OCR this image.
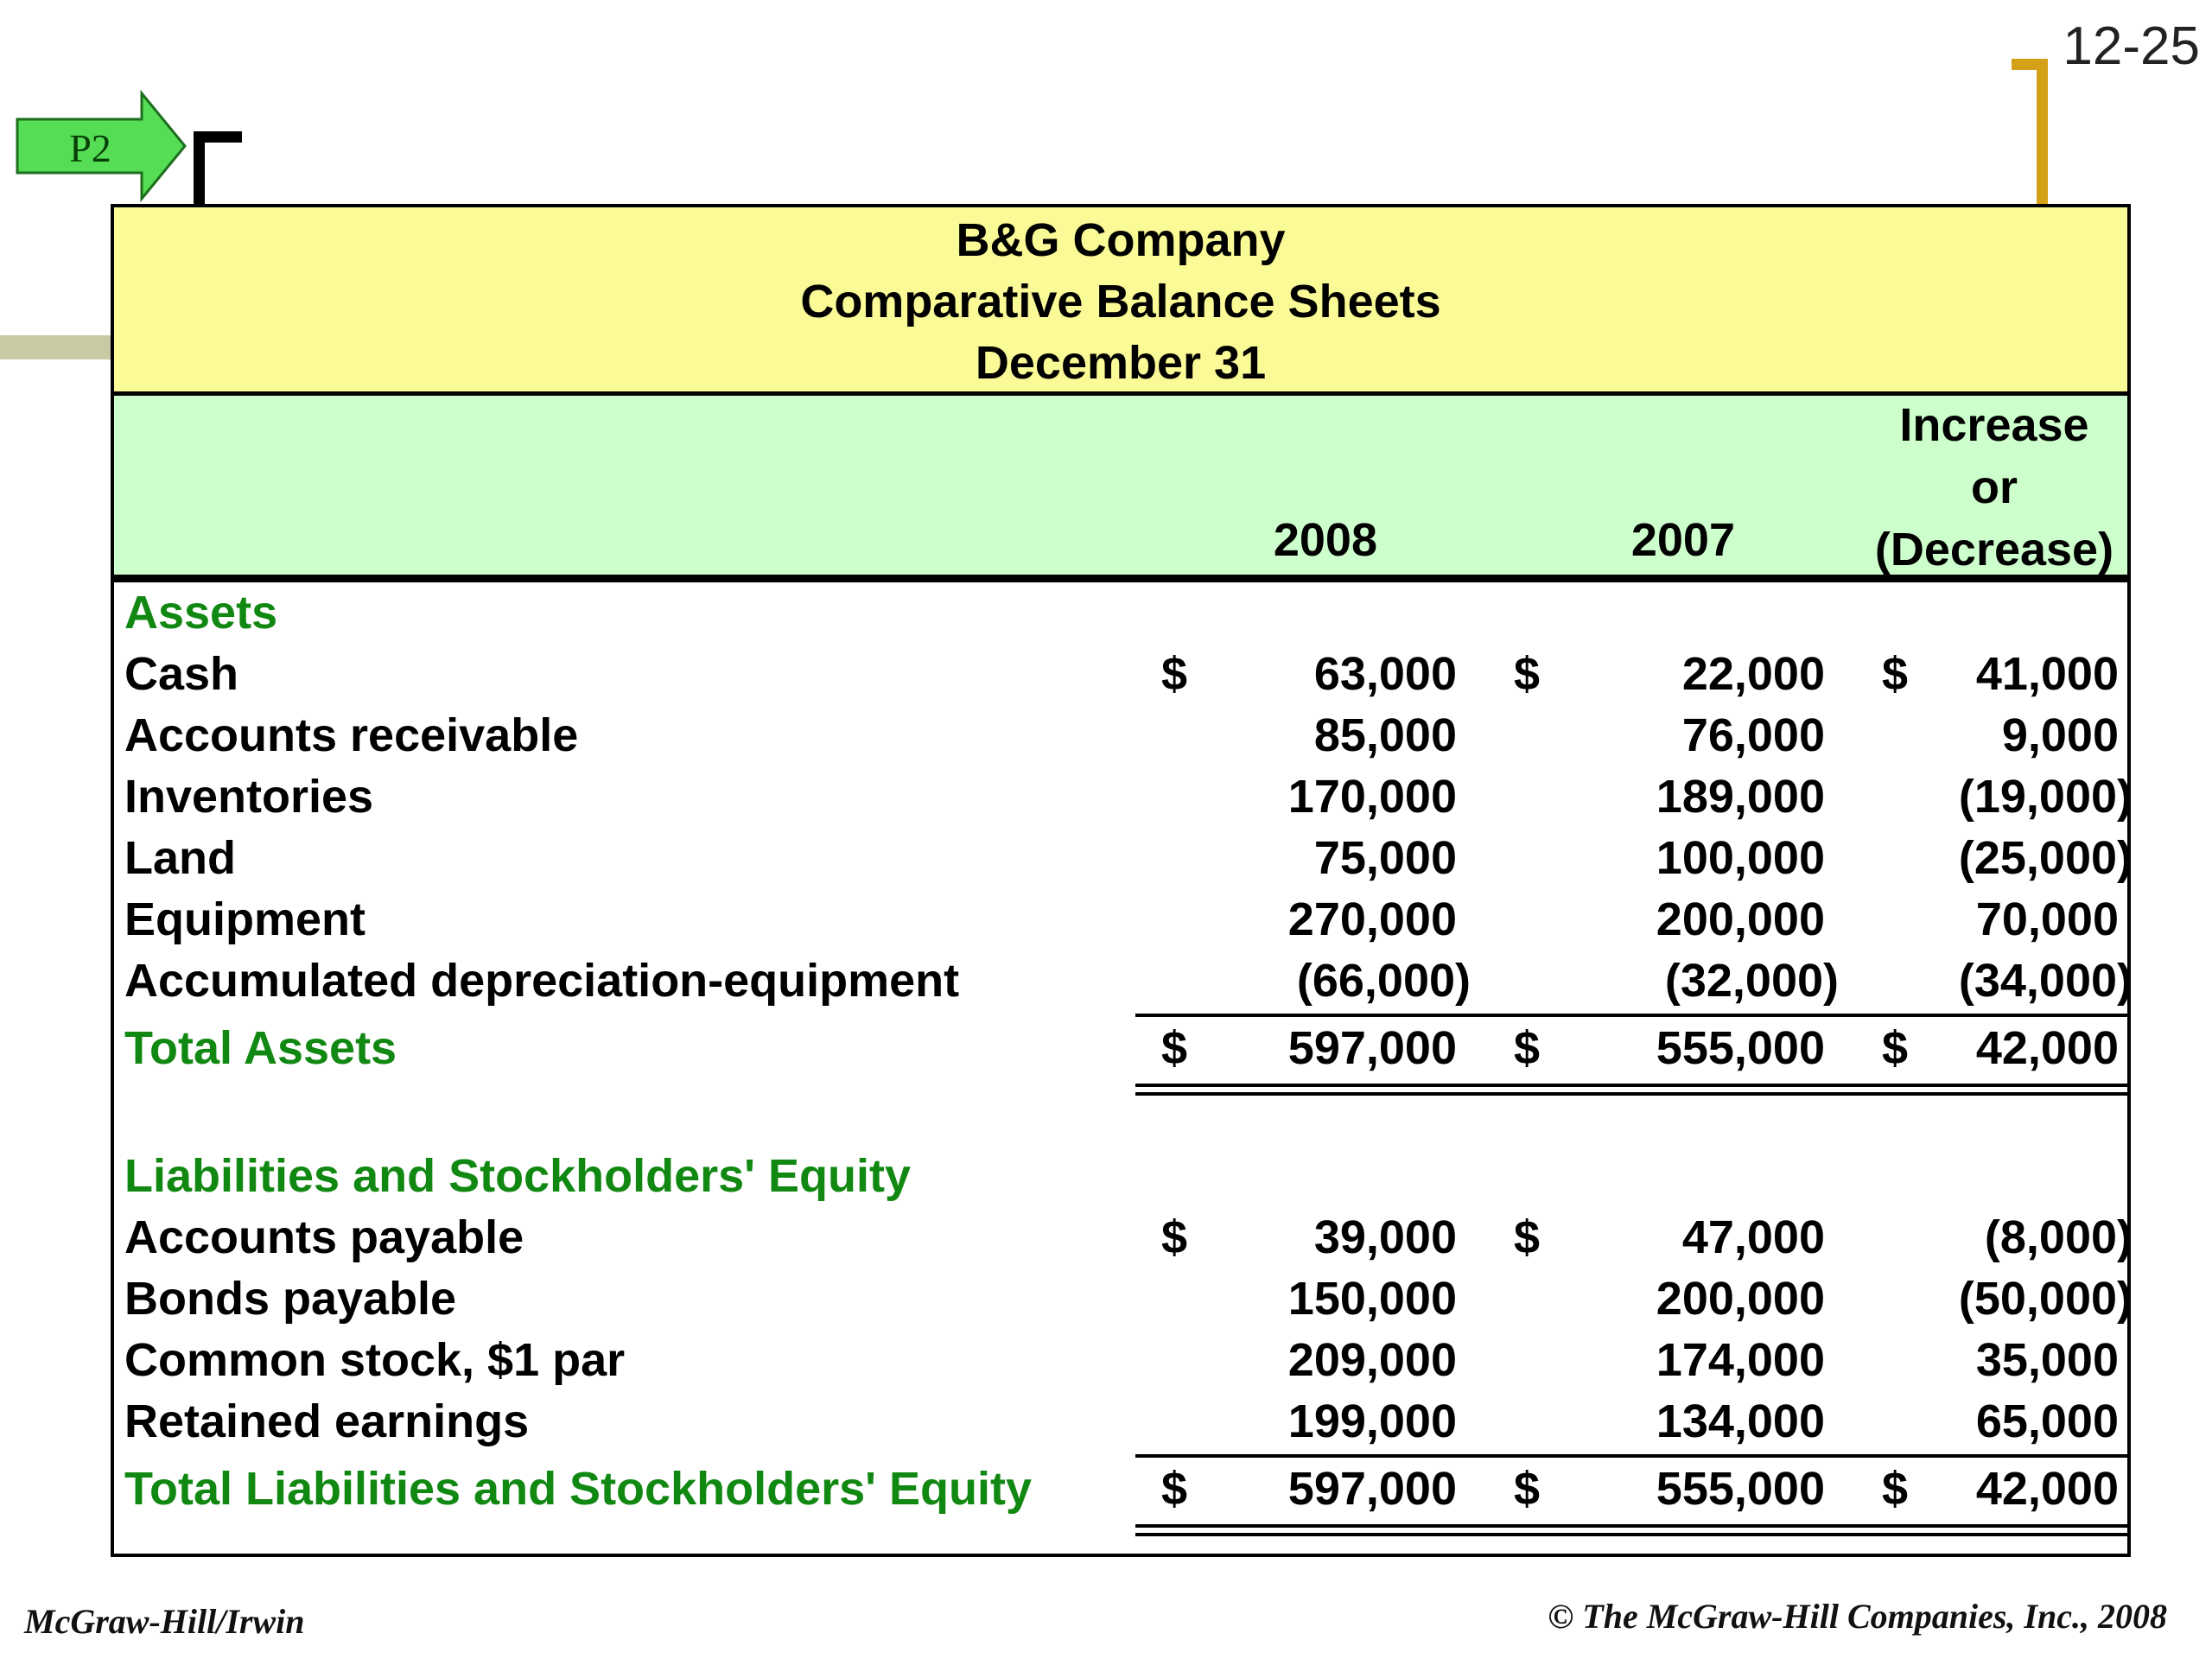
12-25
P2
B&G Company
Comparative Balance Sheets
December 31
2008	2007
Increase
or
(Decrease)
Assets
Cash	$	63,000 $	22,000 $ 41,000
Accounts receivable	85,000	76,000	9,000
Inventories	170,000	189,000	(19,000)
Land	75,000	100,000	(25,000)
Equipment	270,000	200,000	70,000
Accumulated depreciation-equipment	(66,000)	(32,000)	(34,000)
Total Assets	$ 597,000 $ 555,000 $ 42,000
Liabilities and Stockholders' Equity
Accounts payable	$	39,000 $	47,000	(8,000)
Bonds payable	150,000	200,000	(50,000)
Common stock, $1 par	209,000	174,000	35,000
Retained earnings	199,000	134,000	65,000
Total Liabilities and Stockholders' Equity	$ 597,000 $ 555,000 $ 42,000
McGraw-Hill/Irwin	© The McGraw-Hill Companies, Inc., 2008
